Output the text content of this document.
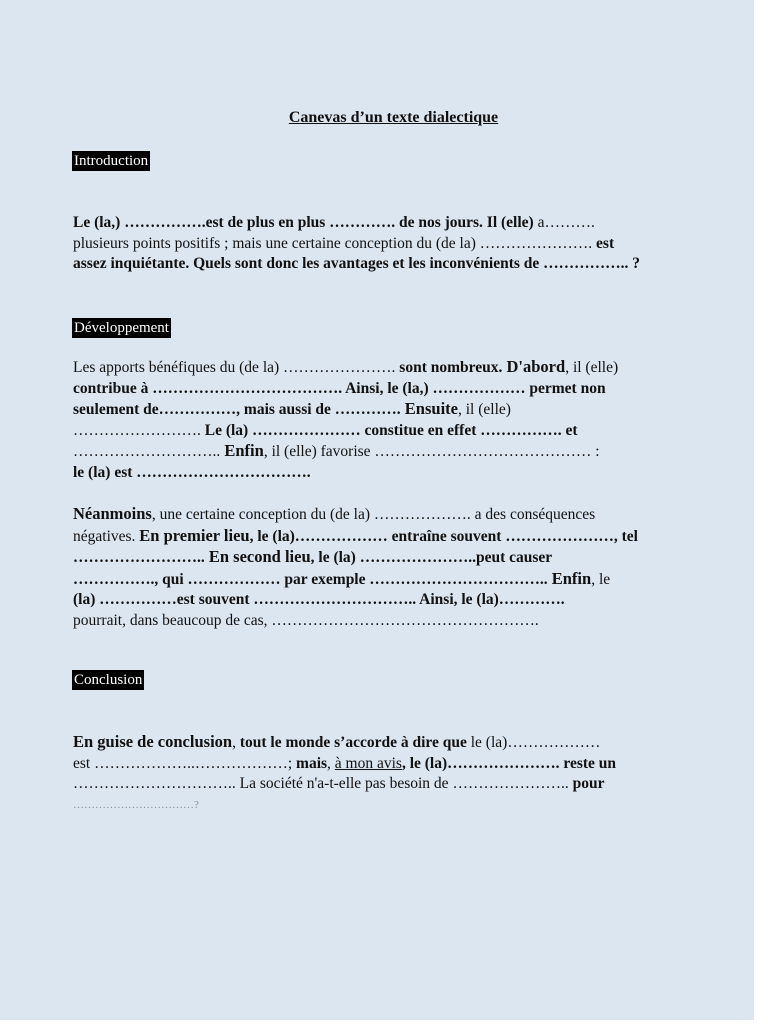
Canevas d’un texte dialectique
Introduction
Le (la,) …………….est de plus en plus …………. de nos jours. Il (elle) a……….
plusieurs points positifs ; mais une certaine conception du (de la) …………………. est
assez inquiétante. Quels sont donc les avantages et les inconvénients de …………….. ?
Développement
Les apports bénéfiques du (de la) …………………. sont nombreux. D'abord, il (elle)
contribue à ………………………………. Ainsi, le (la,) ……………… permet non
seulement de……………, mais aussi de …………. Ensuite, il (elle)
……………………. Le (la) ………………… constitue en effet ……………. et
……………………….. Enfin, il (elle) favorise …………………………………… :
le (la) est …………………………….
Néanmoins, une certaine conception du (de la) ………………. a des conséquences
négatives. En premier lieu, le (la)……………… entraîne souvent …………………, tel
…………………….. En second lieu, le (la) …………………..peut causer
……………., qui ……………… par exemple …………………………….. Enfin, le
(la) ……………est souvent ………………………….. Ainsi, le (la)………….
pourrait, dans beaucoup de cas, …………………………………………….
Conclusion
En guise de conclusion, tout le monde s’accorde à dire que le (la)………………
est ………………..………………; mais, à mon avis, le (la)…………………. reste un
………………………….. La société n'a-t-elle pas besoin de ………………….. pour
……………………………?
